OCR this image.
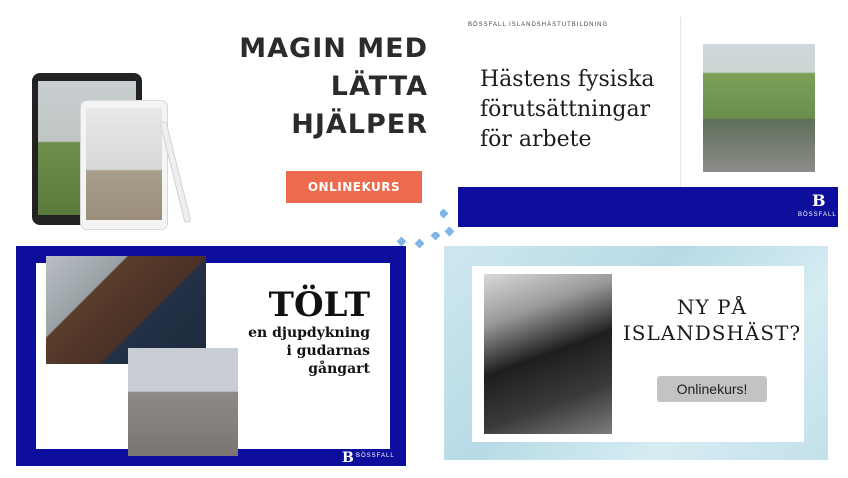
MAGIN MED
LÄTTA
HJÄLPER
ONLINEKURS
BÖSSFALL ISLANDSHÄSTUTBILDNING
Hästens fysiska
förutsättningar
för arbete
B
BÖSSFALL
TÖLT
en djupdykning
i gudarnas
gångart
B BÖSSFALL
NY PÅ
ISLANDSHÄST?
Onlinekurs!
